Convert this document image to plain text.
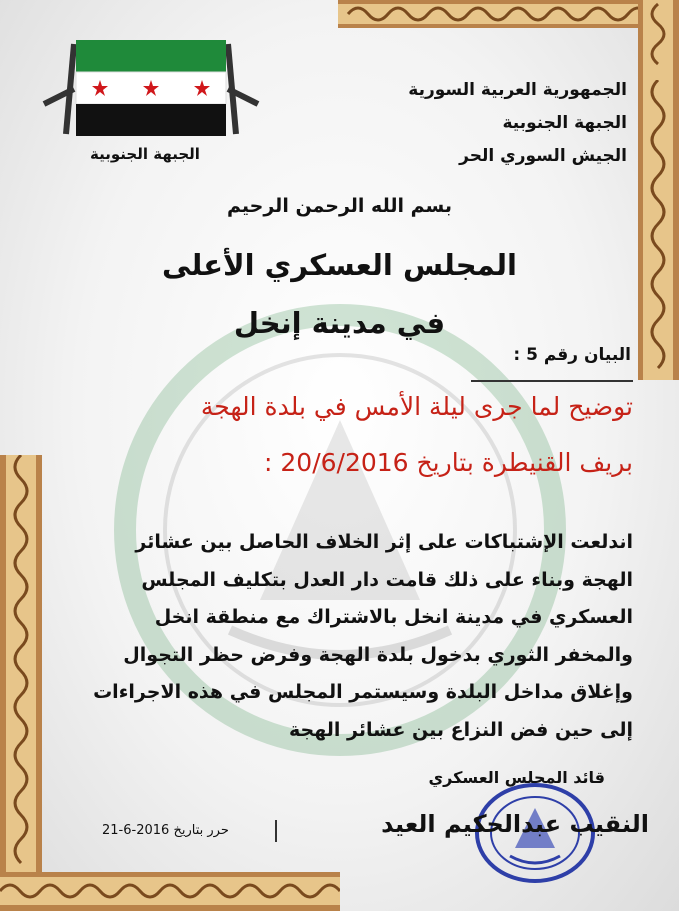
الجبهة الجنوبية
الجمهورية العربية السورية
الجبهة الجنوبية
الجيش السوري الحر
بسم الله الرحمن الرحيم
المجلس العسكري الأعلى
في مدينة إنخل
البيان رقم 5 :
توضيح لما جرى ليلة الأمس في بلدة الهجة
بريف القنيطرة بتاريخ 20/6/2016 :
اندلعت الإشتباكات على إثر الخلاف الحاصل بين عشائر
الهجة وبناء على ذلك قامت دار العدل بتكليف المجلس
العسكري في مدينة انخل بالاشتراك مع منطقة انخل
والمخفر الثوري بدخول بلدة الهجة وفرض حظر التجوال
وإغلاق مداخل البلدة وسيستمر المجلس في هذه الاجراءات
إلى حين فض النزاع بين عشائر الهجة
قائد المجلس العسكري
النقيب عبدالحكيم العيد
حرر بتاريخ 2016-6-21
